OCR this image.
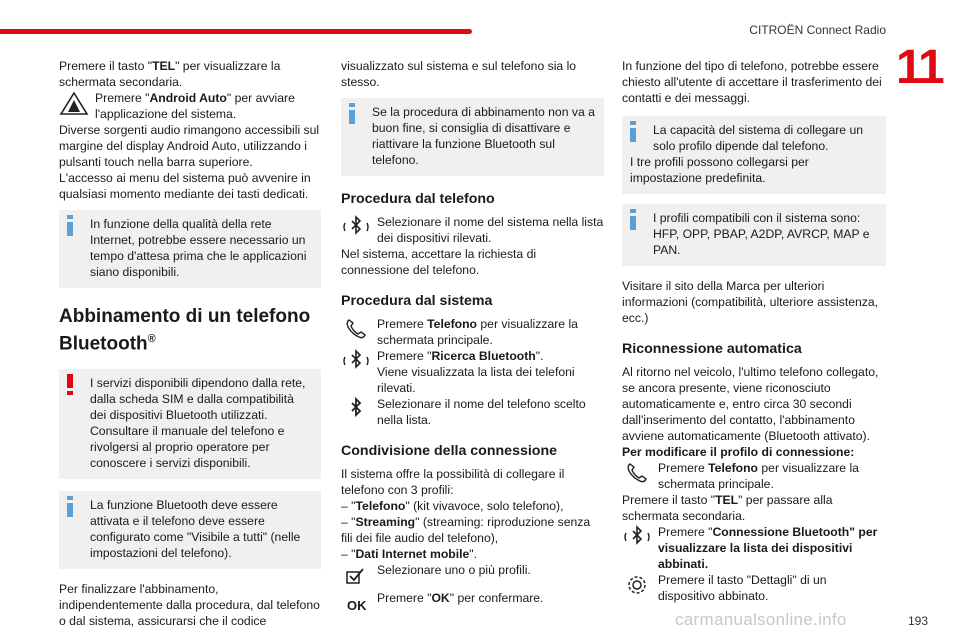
CITROËN Connect Radio
11

Premere il tasto "TEL" per visualizzare la schermata secondaria.

Premere "Android Auto" per avviare l'applicazione del sistema.

Diverse sorgenti audio rimangono accessibili sul margine del display Android Auto, utilizzando i pulsanti touch nella barra superiore.

L'accesso ai menu del sistema può avvenire in qualsiasi momento mediante dei tasti dedicati.

In funzione della qualità della rete Internet, potrebbe essere necessario un tempo d'attesa prima che le applicazioni siano disponibili.

Abbinamento di un telefono
Bluetooth®

I servizi disponibili dipendono dalla rete, dalla scheda SIM e dalla compatibilità dei dispositivi Bluetooth utilizzati. Consultare il manuale del telefono e rivolgersi al proprio operatore per conoscere i servizi disponibili.

La funzione Bluetooth deve essere attivata e il telefono deve essere configurato come "Visibile a tutti" (nelle impostazioni del telefono).

Per finalizzare l'abbinamento, indipendentemente dalla procedura, dal telefono o dal sistema, assicurarsi che il codice

visualizzato sul sistema e sul telefono sia lo stesso.

Se la procedura di abbinamento non va a buon fine, si consiglia di disattivare e riattivare la funzione Bluetooth sul telefono.

Procedura dal telefono

Selezionare il nome del sistema nella lista dei dispositivi rilevati.

Nel sistema, accettare la richiesta di connessione del telefono.

Procedura dal sistema

Premere Telefono per visualizzare la schermata principale.

Premere "Ricerca Bluetooth".

Viene visualizzata la lista dei telefoni rilevati.

Selezionare il nome del telefono scelto nella lista.

Condivisione della connessione

Il sistema offre la possibilità di collegare il telefono con 3 profili:

– "Telefono" (kit vivavoce, solo telefono),

– "Streaming" (streaming: riproduzione senza fili dei file audio del telefono),

– "Dati Internet mobile".

Selezionare uno o più profili.

OK Premere "OK" per confermare.

In funzione del tipo di telefono, potrebbe essere chiesto all'utente di accettare il trasferimento dei contatti e dei messaggi.

La capacità del sistema di collegare un solo profilo dipende dal telefono.

I tre profili possono collegarsi per impostazione predefinita.

I profili compatibili con il sistema sono: HFP, OPP, PBAP, A2DP, AVRCP, MAP e PAN.

Visitare il sito della Marca per ulteriori informazioni (compatibilità, ulteriore assistenza, ecc.)

Riconnessione automatica

Al ritorno nel veicolo, l'ultimo telefono collegato, se ancora presente, viene riconosciuto automaticamente e, entro circa 30 secondi dall'inserimento del contatto, l'abbinamento avviene automaticamente (Bluetooth attivato).

Per modificare il profilo di connessione:

Premere Telefono per visualizzare la schermata principale.

Premere il tasto "TEL" per passare alla schermata secondaria.

Premere "Connessione Bluetooth" per visualizzare la lista dei dispositivi abbinati.

Premere il tasto "Dettagli" di un dispositivo abbinato.

carmanualsonline.info	193
